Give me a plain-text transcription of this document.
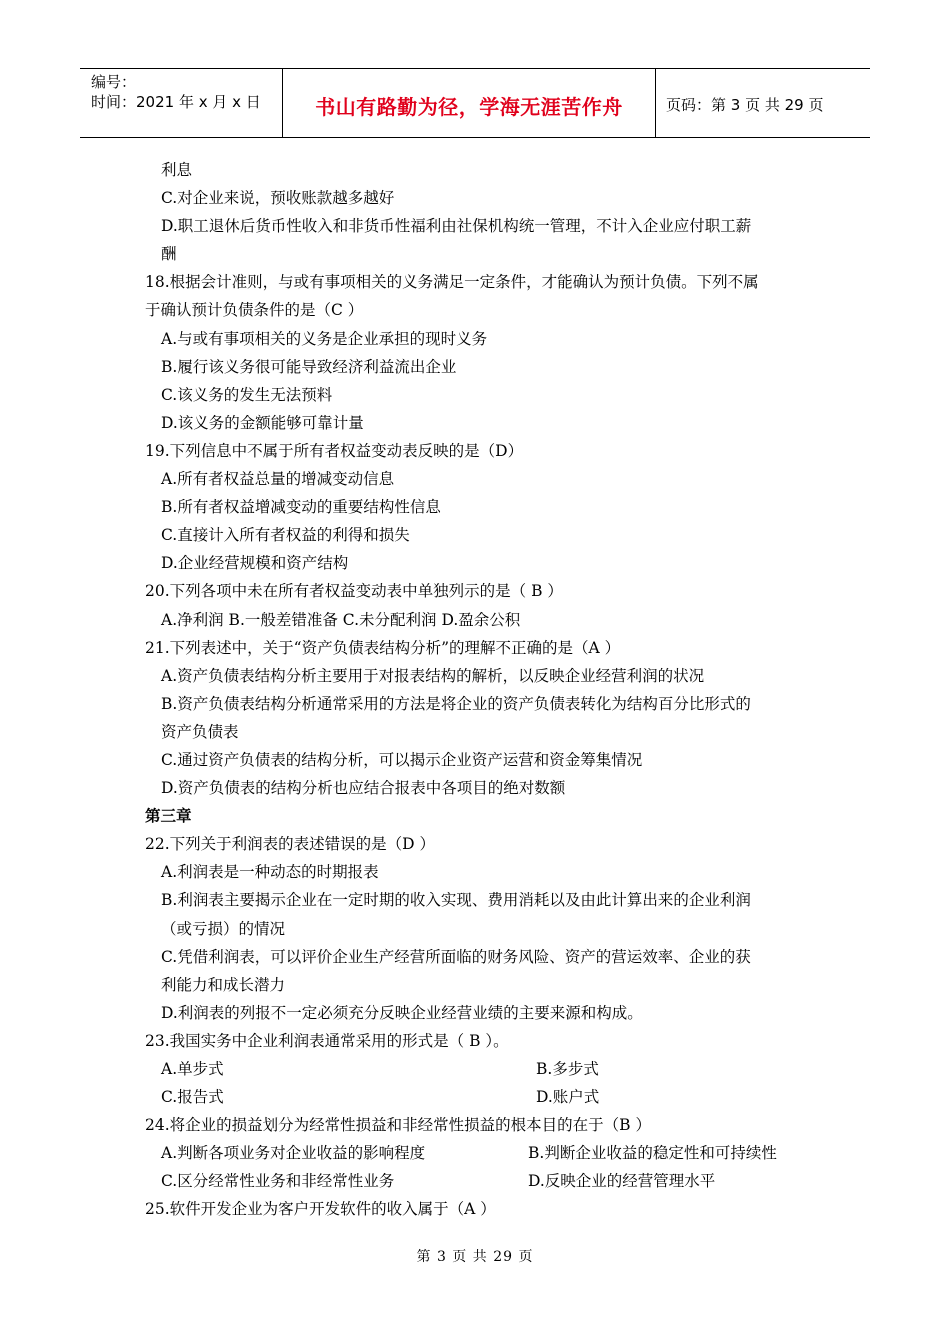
编号：
时间：2021 年 x 月 x 日	书山有路勤为径，学海无涯苦作舟	页码：第 3 页 共 29 页
利息
C.对企业来说，预收账款越多越好
D.职工退休后货币性收入和非货币性福利由社保机构统一管理，不计入企业应付职工薪
酬
18.根据会计准则，与或有事项相关的义务满足一定条件，才能确认为预计负债。下列不属
于确认预计负债条件的是（C ）
A.与或有事项相关的义务是企业承担的现时义务
B.履行该义务很可能导致经济利益流出企业
C.该义务的发生无法预料
D.该义务的金额能够可靠计量
19.下列信息中不属于所有者权益变动表反映的是（D）
A.所有者权益总量的增减变动信息
B.所有者权益增减变动的重要结构性信息
C.直接计入所有者权益的利得和损失
D.企业经营规模和资产结构
20.下列各项中未在所有者权益变动表中单独列示的是（ B ）
A.净利润 B.一般差错准备 C.未分配利润 D.盈余公积
21.下列表述中，关于“资产负债表结构分析”的理解不正确的是（A ）
A.资产负债表结构分析主要用于对报表结构的解析，以反映企业经营利润的状况
B.资产负债表结构分析通常采用的方法是将企业的资产负债表转化为结构百分比形式的
资产负债表
C.通过资产负债表的结构分析，可以揭示企业资产运营和资金筹集情况
D.资产负债表的结构分析也应结合报表中各项目的绝对数额
第三章
22.下列关于利润表的表述错误的是（D ）
A.利润表是一种动态的时期报表
B.利润表主要揭示企业在一定时期的收入实现、费用消耗以及由此计算出来的企业利润
（或亏损）的情况
C.凭借利润表，可以评价企业生产经营所面临的财务风险、资产的营运效率、企业的获
利能力和成长潜力
D.利润表的列报不一定必须充分反映企业经营业绩的主要来源和构成。
23.我国实务中企业利润表通常采用的形式是（ B ）。
A.单步式	B.多步式
C.报告式	D.账户式
24.将企业的损益划分为经常性损益和非经常性损益的根本目的在于（B ）
A.判断各项业务对企业收益的影响程度	B.判断企业收益的稳定性和可持续性
C.区分经常性业务和非经常性业务	D.反映企业的经营管理水平
25.软件开发企业为客户开发软件的收入属于（A ）
第 3 页 共 29 页
